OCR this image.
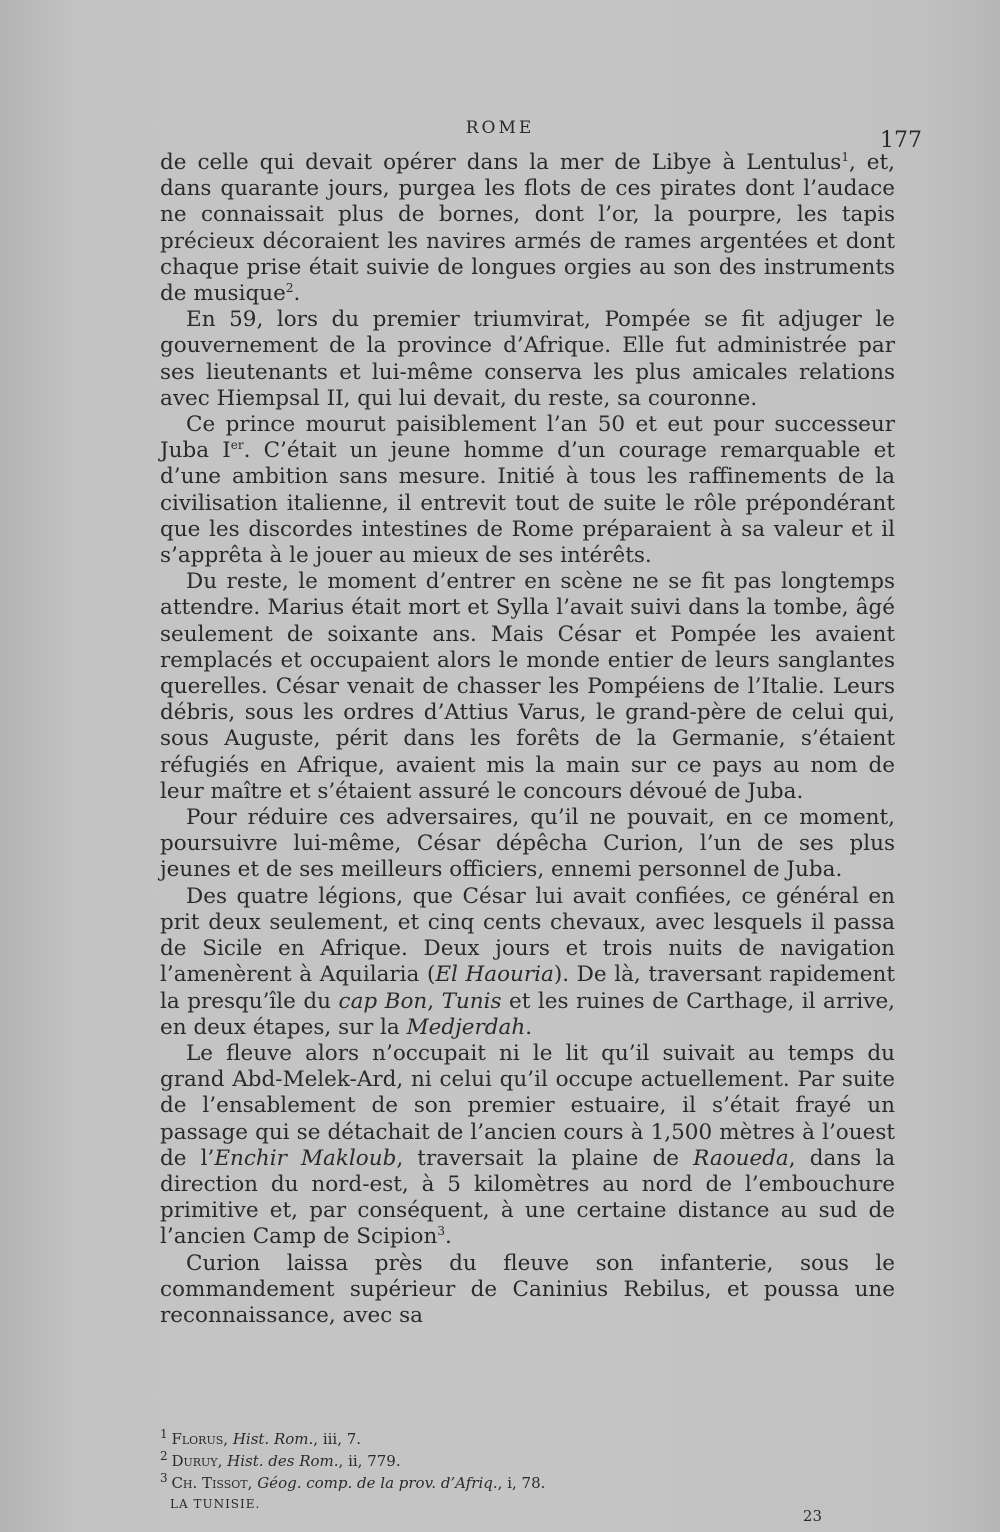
ROME	177

de celle qui devait opérer dans la mer de Libye à Lentulus$^1$, et, dans quarante jours, purgea les flots de ces pirates dont l’audace ne connaissait plus de bornes, dont l’or, la pourpre, les tapis précieux décoraient les navires armés de rames argentées et dont chaque prise était suivie de longues orgies au son des instruments de musique$^2$.

En 59, lors du premier triumvirat, Pompée se fit adjuger le gouvernement de la province d’Afrique. Elle fut administrée par ses lieutenants et lui-même conserva les plus amicales relations avec Hiempsal II, qui lui devait, du reste, sa couronne.

Ce prince mourut paisiblement l’an 50 et eut pour successeur Juba Ier. C’était un jeune homme d’un courage remarquable et d’une ambition sans mesure. Initié à tous les raffinements de la civilisation italienne, il entrevit tout de suite le rôle prépondérant que les discordes intestines de Rome préparaient à sa valeur et il s’apprêta à le jouer au mieux de ses intérêts.

Du reste, le moment d’entrer en scène ne se fit pas longtemps attendre. Marius était mort et Sylla l’avait suivi dans la tombe, âgé seulement de soixante ans. Mais César et Pompée les avaient remplacés et occupaient alors le monde entier de leurs sanglantes querelles. César venait de chasser les Pompéiens de l’Italie. Leurs débris, sous les ordres d’Attius Varus, le grand-père de celui qui, sous Auguste, périt dans les forêts de la Germanie, s’étaient réfugiés en Afrique, avaient mis la main sur ce pays au nom de leur maître et s’étaient assuré le concours dévoué de Juba.

Pour réduire ces adversaires, qu’il ne pouvait, en ce moment, poursuivre lui-même, César dépêcha Curion, l’un de ses plus jeunes et de ses meilleurs officiers, ennemi personnel de Juba.

Des quatre légions, que César lui avait confiées, ce général en prit deux seulement, et cinq cents chevaux, avec lesquels il passa de Sicile en Afrique. Deux jours et trois nuits de navigation l’amenèrent à Aquilaria (El Haouria). De là, traversant rapidement la presqu’île du cap Bon, Tunis et les ruines de Carthage, il arrive, en deux étapes, sur la Medjerdah.

Le fleuve alors n’occupait ni le lit qu’il suivait au temps du grand Abd-Melek-Ard, ni celui qu’il occupe actuellement. Par suite de l’ensablement de son premier estuaire, il s’était frayé un passage qui se détachait de l’ancien cours à 1,500 mètres à l’ouest de l’Enchir Makloub, traversait la plaine de Raoueda, dans la direction du nord-est, à 5 kilomètres au nord de l’embouchure primitive et, par conséquent, à une certaine distance au sud de l’ancien Camp de Scipion$^3$.

Curion laissa près du fleuve son infanterie, sous le commandement supérieur de Caninius Rebilus, et poussa une reconnaissance, avec sa

$^1$ Florus, Hist. Rom., iii, 7.
$^2$ Duruy, Hist. des Rom., ii, 779.
$^3$ Ch. Tissot, Géog. comp. de la prov. d’Afriq., i, 78.
LA TUNISIE.
23
